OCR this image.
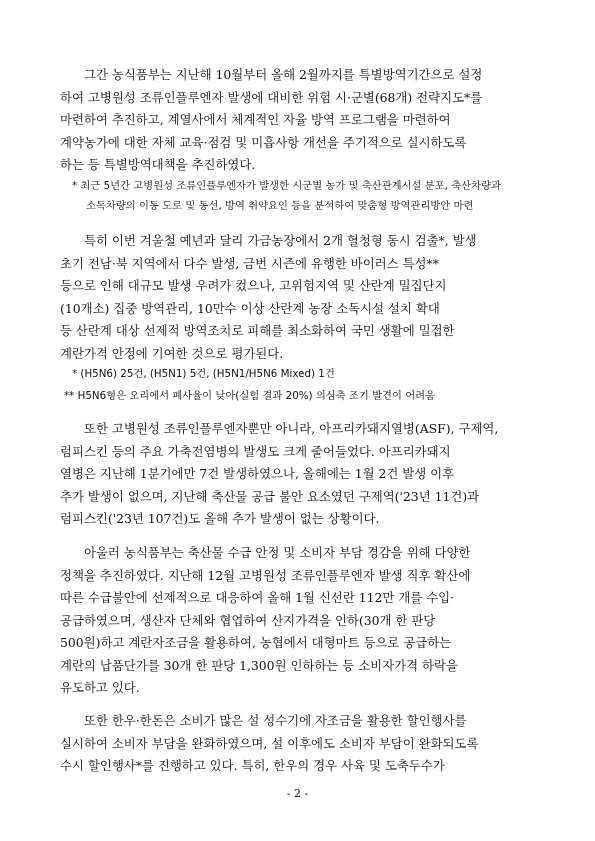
그간 농식품부는 지난해 10월부터 올해 2월까지를 특별방역기간으로 설정
하여 고병원성 조류인플루엔자 발생에 대비한 위험 시·군별(68개) 전략지도*를
마련하여 추진하고, 계열사에서 체계적인 자율 방역 프로그램을 마련하여
계약농가에 대한 자체 교육·점검 및 미흡사항 개선을 주기적으로 실시하도록
하는 등 특별방역대책을 추진하였다.
* 최근 5년간 고병원성 조류인플루엔자가 발생한 시군별 농가 및 축산관계시설 분포, 축산차량과
소독차량의 이동 도로 및 동선, 방역 취약요인 등을 분석하여 맞춤형 방역관리방안 마련
특히 이번 겨울철 예년과 달리 가금농장에서 2개 혈청형 동시 검출*, 발생
초기 전남·북 지역에서 다수 발생, 금번 시즌에 유행한 바이러스 특성**
등으로 인해 대규모 발생 우려가 컸으나, 고위험지역 및 산란계 밀집단지
(10개소) 집중 방역관리, 10만수 이상 산란계 농장 소독시설 설치 확대
등 산란계 대상 선제적 방역조치로 피해를 최소화하여 국민 생활에 밀접한
계란가격 안정에 기여한 것으로 평가된다.
* (H5N6) 25건, (H5N1) 5건, (H5N1/H5N6 Mixed) 1건
** H5N6형은 오리에서 폐사율이 낮아(실험 결과 20%) 의심축 조기 발견이 어려움
또한 고병원성 조류인플루엔자뿐만 아니라, 아프리카돼지열병(ASF), 구제역,
럼피스킨 등의 주요 가축전염병의 발생도 크게 줄어들었다. 아프리카돼지
열병은 지난해 1분기에만 7건 발생하였으나, 올해에는 1월 2건 발생 이후
추가 발생이 없으며, 지난해 축산물 공급 불안 요소였던 구제역('23년 11건)과
럼피스킨('23년 107건)도 올해 추가 발생이 없는 상황이다.
아울러 농식품부는 축산물 수급 안정 및 소비자 부담 경감을 위해 다양한
정책을 추진하였다. 지난해 12월 고병원성 조류인플루엔자 발생 직후 확산에
따른 수급불안에 선제적으로 대응하여 올해 1월 신선란 112만 개를 수입·
공급하였으며, 생산자 단체와 협업하여 산지가격을 인하(30개 한 판당
500원)하고 계란자조금을 활용하여, 농협에서 대형마트 등으로 공급하는
계란의 납품단가를 30개 한 판당 1,300원 인하하는 등 소비자가격 하락을
유도하고 있다.
또한 한우·한돈은 소비가 많은 설 성수기에 자조금을 활용한 할인행사를
실시하여 소비자 부담을 완화하였으며, 설 이후에도 소비자 부담이 완화되도록
수시 할인행사*를 진행하고 있다. 특히, 한우의 경우 사육 및 도축두수가
- 2 -
